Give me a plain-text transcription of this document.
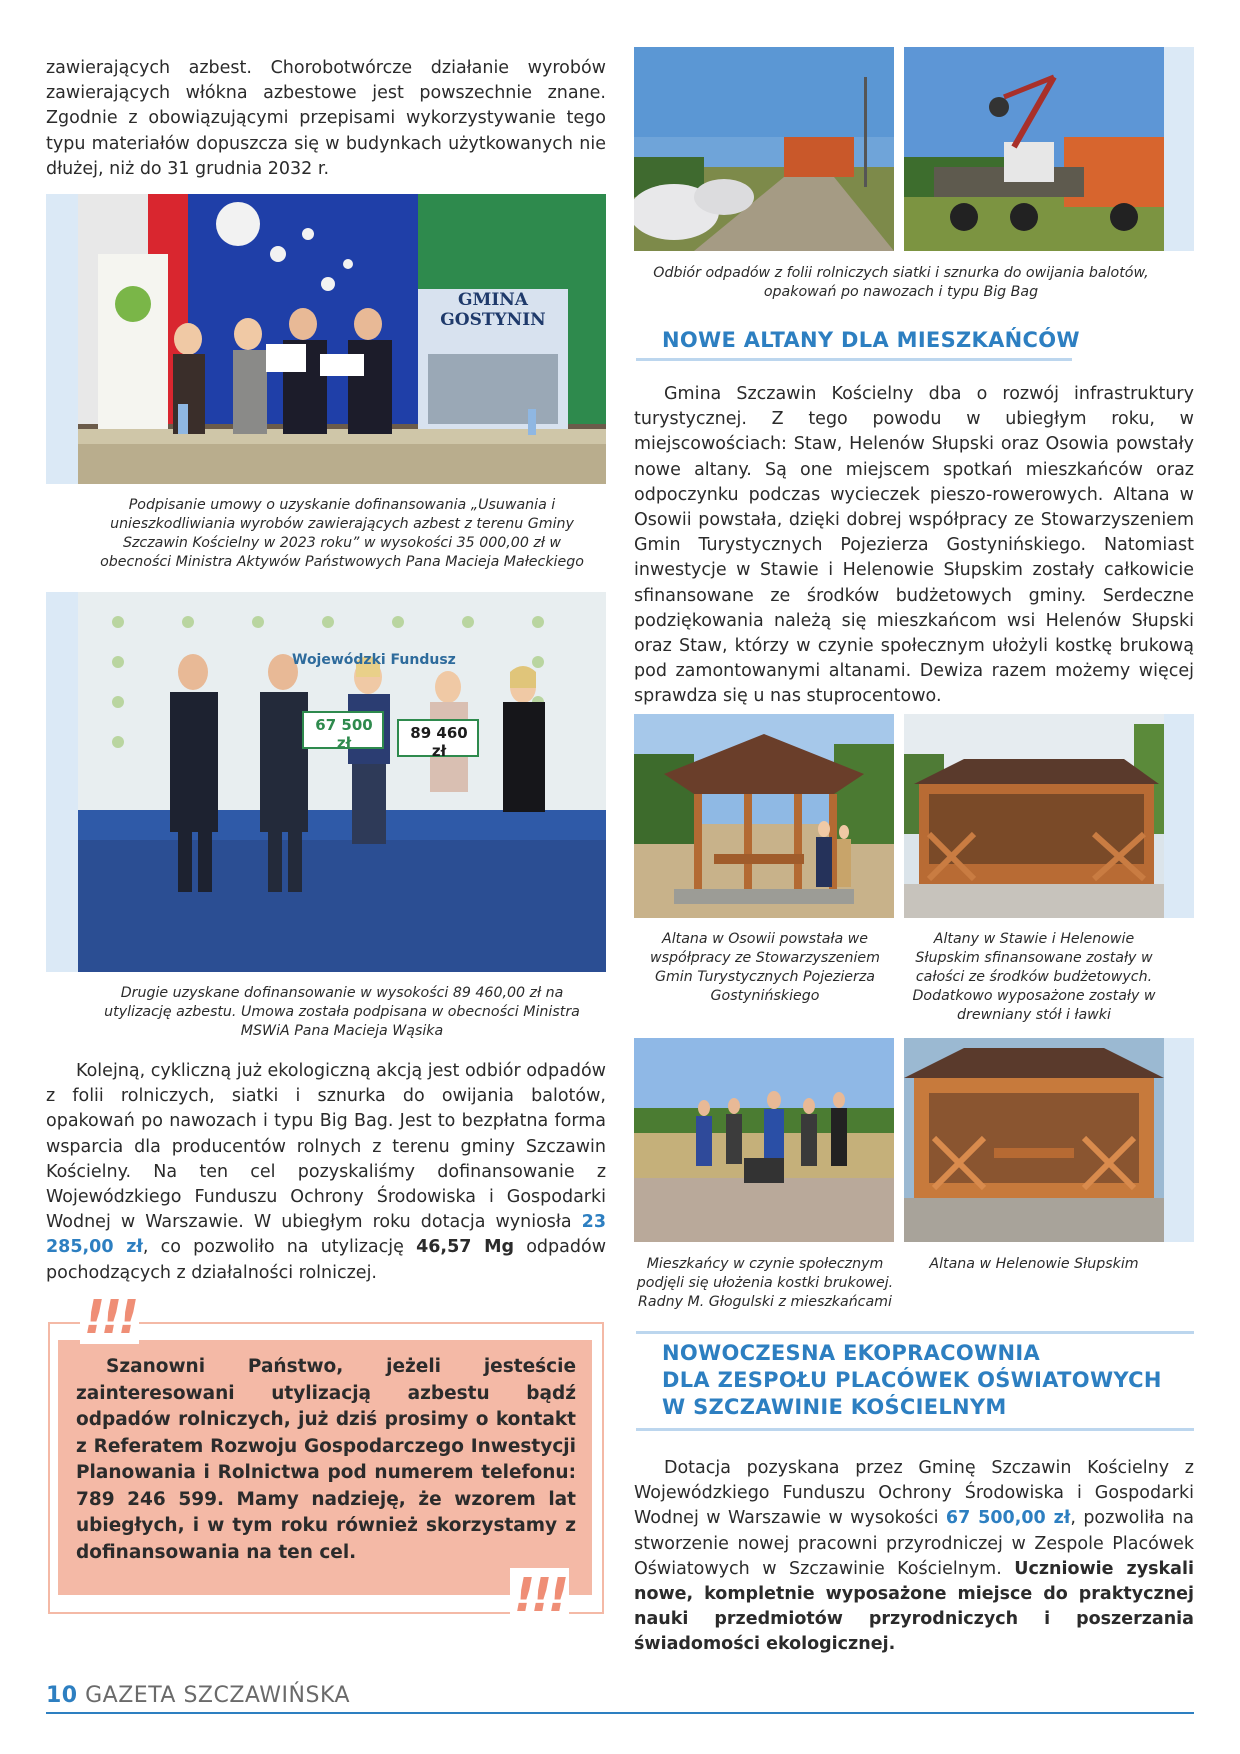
zawierających azbest. Chorobotwórcze działanie wyrobów zawierających włókna azbestowe jest powszechnie znane. Zgodnie z obowiązującymi przepisami wykorzystywanie tego typu materiałów dopuszcza się w budynkach użytkowanych nie dłużej, niż do 31 grudnia 2032 r.
GMINA
GOSTYNIN
Podpisanie umowy o uzyskanie dofinansowania „Usuwania i unieszkodliwiania wyrobów zawierających azbest z terenu Gminy Szczawin Kościelny w 2023 roku” w wysokości 35 000,00 zł w obecności Ministra Aktywów Państwowych Pana Macieja Małeckiego
Wojewódzki Fundusz
67 500 zł
89 460 zł
Drugie uzyskane dofinansowanie w wysokości 89 460,00 zł na utylizację azbestu. Umowa została podpisana w obecności Ministra MSWiA Pana Macieja Wąsika
Kolejną, cykliczną już ekologiczną akcją jest odbiór odpadów z folii rolniczych, siatki i sznurka do owijania balotów, opakowań po nawozach i typu Big Bag. Jest to bezpłatna forma wsparcia dla producentów rolnych z terenu gminy Szczawin Kościelny. Na ten cel pozyskaliśmy dofinansowanie z Wojewódzkiego Funduszu Ochrony Środowiska i Gospodarki Wodnej w Warszawie. W ubiegłym roku dotacja wyniosła 23 285,00 zł, co pozwoliło na utylizację 46,57 Mg odpadów pochodzących z działalności rolniczej.
Szanowni Państwo, jeżeli jesteście zainteresowani utylizacją azbestu bądź odpadów rolniczych, już dziś prosimy o kontakt z Referatem Rozwoju Gospodarczego Inwestycji Planowania i Rolnictwa pod numerem telefonu: 789 246 599. Mamy nadzieję, że wzorem lat ubiegłych, i w tym roku również skorzystamy z dofinansowania na ten cel.
!!!
!!!
Odbiór odpadów z folii rolniczych siatki i sznurka do owijania balotów, opakowań po nawozach i typu Big Bag
NOWE ALTANY DLA MIESZKAŃCÓW
Gmina Szczawin Kościelny dba o rozwój infrastruktury turystycznej. Z tego powodu w ubiegłym roku, w miejscowościach: Staw, Helenów Słupski oraz Osowia powstały nowe altany. Są one miejscem spotkań mieszkańców oraz odpoczynku podczas wycieczek pieszo-rowerowych. Altana w Osowii powstała, dzięki dobrej współpracy ze Stowarzyszeniem Gmin Turystycznych Pojezierza Gostynińskiego. Natomiast inwestycje w Stawie i Helenowie Słupskim zostały całkowicie sfinansowane ze środków budżetowych gminy. Serdeczne podziękowania należą się mieszkańcom wsi Helenów Słupski oraz Staw, którzy w czynie społecznym ułożyli kostkę brukową pod zamontowanymi altanami. Dewiza razem możemy więcej sprawdza się u nas stuprocentowo.
Altana w Osowii powstała we współpracy ze Stowarzyszeniem Gmin Turystycznych Pojezierza Gostynińskiego
Altany w Stawie i Helenowie Słupskim sfinansowane zostały w całości ze środków budżetowych. Dodatkowo wyposażone zostały w drewniany stół i ławki
Mieszkańcy w czynie społecznym podjęli się ułożenia kostki brukowej. Radny M. Głogulski z mieszkańcami
Altana w Helenowie Słupskim
NOWOCZESNA EKOPRACOWNIA
DLA ZESPOŁU PLACÓWEK OŚWIATOWYCH
W SZCZAWINIE KOŚCIELNYM
Dotacja pozyskana przez Gminę Szczawin Kościelny z Wojewódzkiego Funduszu Ochrony Środowiska i Gospodarki Wodnej w Warszawie w wysokości 67 500,00 zł, pozwoliła na stworzenie nowej pracowni przyrodniczej w Zespole Placówek Oświatowych w Szczawinie Kościelnym. Uczniowie zyskali nowe, kompletnie wyposażone miejsce do praktycznej nauki przedmiotów przyrodniczych i poszerzania świadomości ekologicznej.
10 GAZETA SZCZAWIŃSKA
